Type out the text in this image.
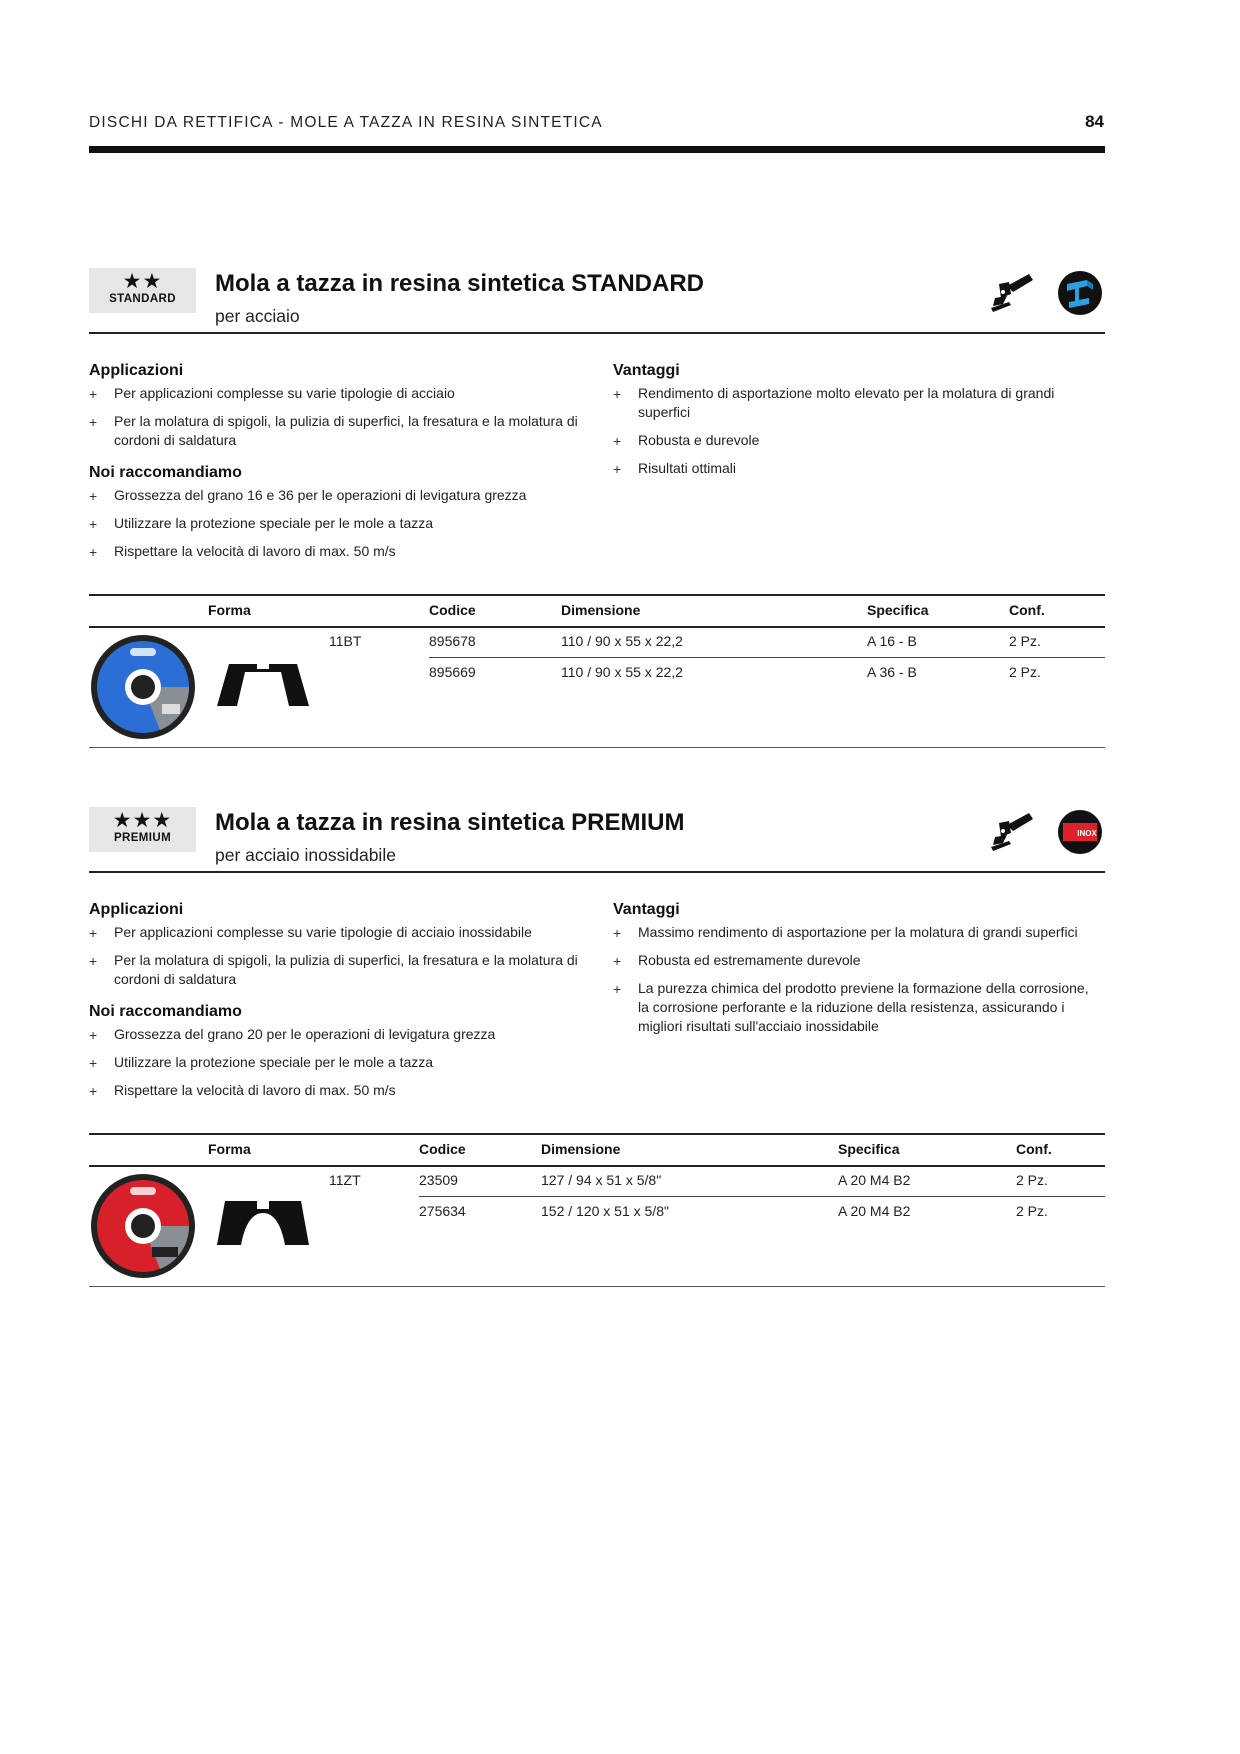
DISCHI DA RETTIFICA - MOLE A TAZZA IN RESINA SINTETICA	84
★★
STANDARD
Mola a tazza in resina sintetica STANDARD
per acciaio
Applicazioni
+ Per applicazioni complesse su varie tipologie di acciaio
+ Per la molatura di spigoli, la pulizia di superfici, la fresatura e la molatura di cordoni di saldatura
Noi raccomandiamo
+ Grossezza del grano 16 e 36 per le operazioni di levigatura grezza
+ Utilizzare la protezione speciale per le mole a tazza
+ Rispettare la velocità di lavoro di max. 50 m/s
Vantaggi
+ Rendimento di asportazione molto elevato per la molatura di grandi superfici
+ Robusta e durevole
+ Risultati ottimali
Forma	Codice	Dimensione	Specifica	Conf.
11BT	895678	110 / 90 x 55 x 22,2	A 16 - B	2 Pz.
895669	110 / 90 x 55 x 22,2	A 36 - B	2 Pz.
★★★
PREMIUM
Mola a tazza in resina sintetica PREMIUM
per acciaio inossidabile
INOX
Applicazioni
+ Per applicazioni complesse su varie tipologie di acciaio inossidabile
+ Per la molatura di spigoli, la pulizia di superfici, la fresatura e la molatura di cordoni di saldatura
Noi raccomandiamo
+ Grossezza del grano 20 per le operazioni di levigatura grezza
+ Utilizzare la protezione speciale per le mole a tazza
+ Rispettare la velocità di lavoro di max. 50 m/s
Vantaggi
+ Massimo rendimento di asportazione per la molatura di grandi superfici
+ Robusta ed estremamente durevole
+ La purezza chimica del prodotto previene la formazione della corrosione, la corrosione perforante e la riduzione della resistenza, assicurando i migliori risultati sull'acciaio inossidabile
Forma	Codice	Dimensione	Specifica	Conf.
11ZT	23509	127 / 94 x 51 x 5/8"	A 20 M4 B2	2 Pz.
275634	152 / 120 x 51 x 5/8"	A 20 M4 B2	2 Pz.
